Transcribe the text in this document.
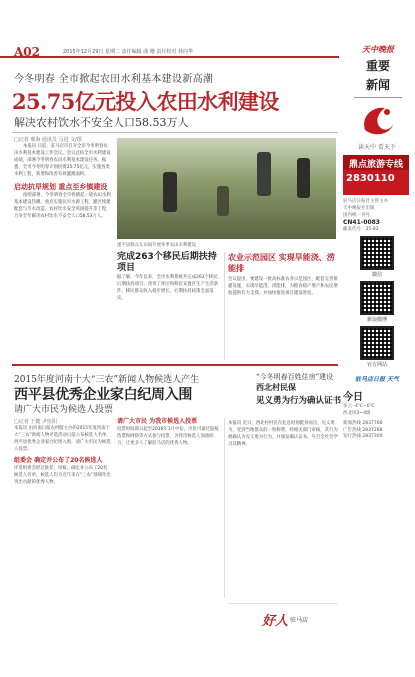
A02	2015年12月29日 星期二 责任编辑 曲 珊 责任校对 林向华	天中晚报
重要
新闻
今冬明春 全市掀起农田水利基本建设新高潮
25.75亿元投入农田水利建设
解决农村饮水不安全人口58.53万人
□记者 邢海 通讯员 马进 文/图

本报讯 日前，驻马店市召开全市今冬明春农田水利基本建设工作会议。会议总结全市水利建设成绩，部署今冬明春农田水利基本建设任务。据悉，全市今冬明春计划投资25.75亿元，实施各类水利工程，新增和改善有效灌溉面积。

启动抗旱规划 重点至乡镇建设

按照部署，今冬明春全市将掀起一轮农田水利基本建设热潮，重点实施抗旱水源工程、灌区续建配套与节水改造、农村饮水安全巩固提升等工程，力争全年解决农村饮水不安全人口58.53万人。

遂平县群众在田间开展冬季农田水利建设
完成263个移民后期扶持项目

据了解，今年以来，全市水利系统共完成263个移民后期扶持项目，改善了库区和移民安置区生产生活条件，移民群众收入稳步增长，后期扶持政策全面落实。

农业示范园区 实现旱能浇、涝能排

会议提出，要建设一批高标准农业示范园区，配套完善排灌设施，实现旱能浇、涝能排，为粮食稳产增产和农民增收提供有力支撑，并加快推进项目建设进度。

2015年度河南十大“三农”新闻人物候选人产生
西平县优秀企业家白纪周入围
请广大市民为候选人投票
“今冬明春百姓住房”建设
西北村民保
见义勇为行为确认证书
□记者 王健 尹恒阳

本报讯 由河南日报农村版主办的2015年度河南十大“三农”新闻人物评选活动日前公布候选人名单，西平县优秀企业家白纪周入围，请广大市民为候选人投票。

组委会 确定并公布了20名候选人

评选组委会经过推荐、审核，确定并公布了20名候选人名单，候选人均为近年来在“三农”领域作出突出贡献的优秀人物。

请广大市民 为我市候选人投票

投票时间即日起至2016年1月中旬，市民可通过报纸选票和网络等方式参与投票，为我市候选人加油助力，让更多人了解驻马店的优秀人物。

本报讯 近日，西北村村民在危急时刻挺身而出，见义勇为，受到当地群众的一致称赞。经相关部门审核，其行为被确认为见义勇为行为，并颁发确认证书，号召全社会学习其精神。

好人 驻马店
读天中 看天下
鼎点旅游专线
2830110
驻马店日报社主管主办
天中晚报社出版
国内统一刊号
CN41-0083
邮发代号：35-82
微信
新浪微博
官方网站
驻马店日报 天气
今日
多云 -4℃~6℃
西北风3~4级
新闻热线 2837766
广告热线 2837288
发行热线 2837300
